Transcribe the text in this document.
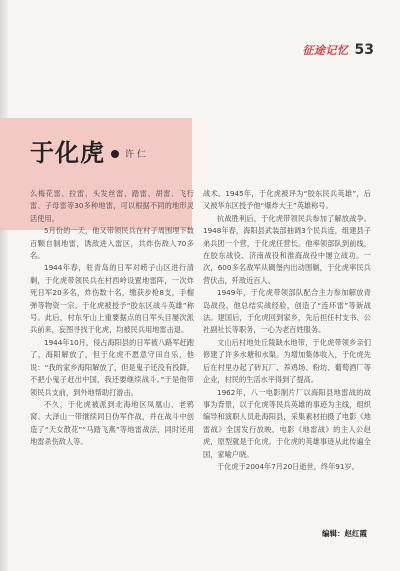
征途记忆 53
于化虎 许 仁

么梅花雷、拉雷、头发丝雷、踏雷、胡雷、飞行雷、子母雷等30多种地雷，可以根据不同的地形灵活使用。

5月份的一天，他又带领民兵在村子周围埋下数百颗自制地雷，诱敌进入雷区，共炸伤敌人70多名。

1944年春，驻青岛的日军对崂子山区进行清剿，于化虎带领民兵在村西岭设置地雷阵，一次炸死日军20多名，炸伤数十名，缴获步枪8支，手榴弹等物资一宗。于化虎被授予“胶东区战斗英雄”称号。此后，村东牙山上重要据点的日军头目屡次派兵前来，妄图寻找于化虎，均被民兵用地雷击退。

1944年10月，侵占海阳县的日军被八路军赶跑了，海阳解放了，但于化虎不愿意守田自乐，他说：“我的家乡海阳解放了，但是鬼子还没有投降，不把小鬼子赶出中国，我还要继续战斗。”于是他带领民兵支前，到外地帮助打游击。

不久，于化虎被派到北海地区凤凰山、老鸦窝、大泽山一带继续同日伪军作战，并在战斗中创造了“天女散花”“马踏飞燕”等地雷战法，同时还用地雷杀伤敌人等。

战术。1945年，于化虎被评为“胶东民兵英雄”，后又被华东区授予他“爆炸大王”英雄称号。

抗战胜利后，于化虎带领民兵参加了解放战争。1948年春，海阳县武装部抽调3个民兵连，组建县子弟兵团一个营，于化虎任营长。他率领部队到前线，在胶东战役、济南战役和淮海战役中屡立战功。一次，600多名敌军从碉堡内出动围剿，于化虎率民兵营伏击，歼敌近百人。

1949年，于化虎带领部队配合主力参加解放青岛战役，他总结实战经验，创造了“连环雷”等新战法。建国后，于化虎回到家乡，先后担任村支书、公社副社长等职务，一心为老百姓服务。

文山后村地处丘陵缺水地带，于化虎带领乡亲们修建了许多水塘和水渠。为增加集体收入，于化虎先后在村里办起了砖瓦厂、养鸡场、粉坊、葡萄酒厂等企业，村民的生活水平得到了提高。

1962年，八一电影制片厂以海阳县地雷战的故事为背景，以于化虎等民兵英雄的事迹为主线，组织编导和演职人员赴海阳县，采集素材拍摄了电影《地雷战》全国发行放映，电影《地雷战》的主人公赵虎，原型就是于化虎。于化虎的英雄事迹从此传遍全国，家喻户晓。

于化虎于2004年7月20日逝世，终年91岁。

编辑：赵红霞
